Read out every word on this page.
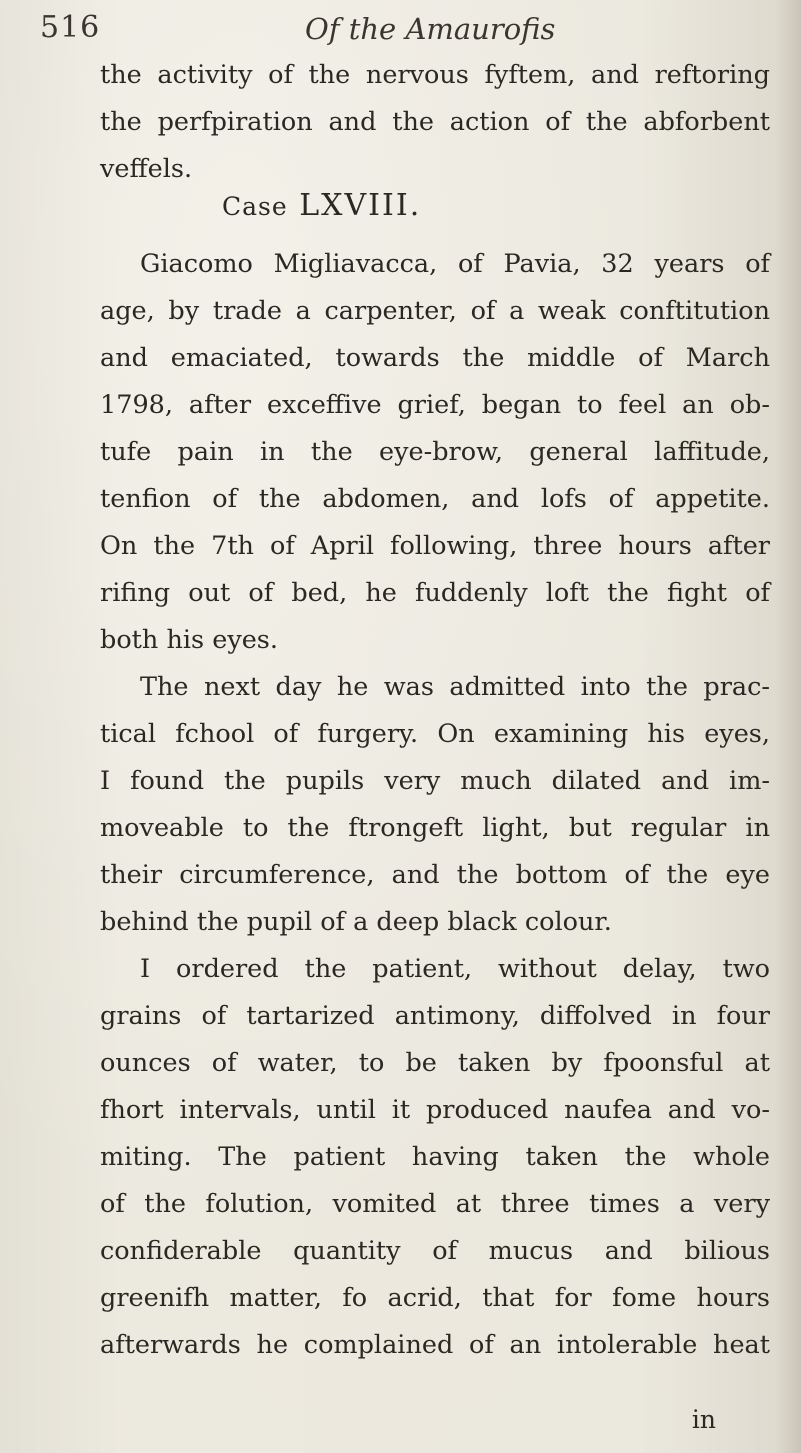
516	Of the Amaurofis
the activity of the nervous fyftem, and reftoring
the perfpiration and the action of the abforbent
veffels.
Case LXVIII.
Giacomo Migliavacca, of Pavia, 32 years of
age, by trade a carpenter, of a weak conftitution
and emaciated, towards the middle of March
1798, after exceffive grief, began to feel an ob-
tufe pain in the eye-brow, general laffitude,
tenfion of the abdomen, and lofs of appetite.
On the 7th of April following, three hours after
rifing out of bed, he fuddenly loft the fight of
both his eyes.
The next day he was admitted into the prac-
tical fchool of furgery. On examining his eyes,
I found the pupils very much dilated and im-
moveable to the ftrongeft light, but regular in
their circumference, and the bottom of the eye
behind the pupil of a deep black colour.
I ordered the patient, without delay, two
grains of tartarized antimony, diffolved in four
ounces of water, to be taken by fpoonsful at
fhort intervals, until it produced naufea and vo-
miting. The patient having taken the whole
of the folution, vomited at three times a very
confiderable quantity of mucus and bilious
greenifh matter, fo acrid, that for fome hours
afterwards he complained of an intolerable heat
in
